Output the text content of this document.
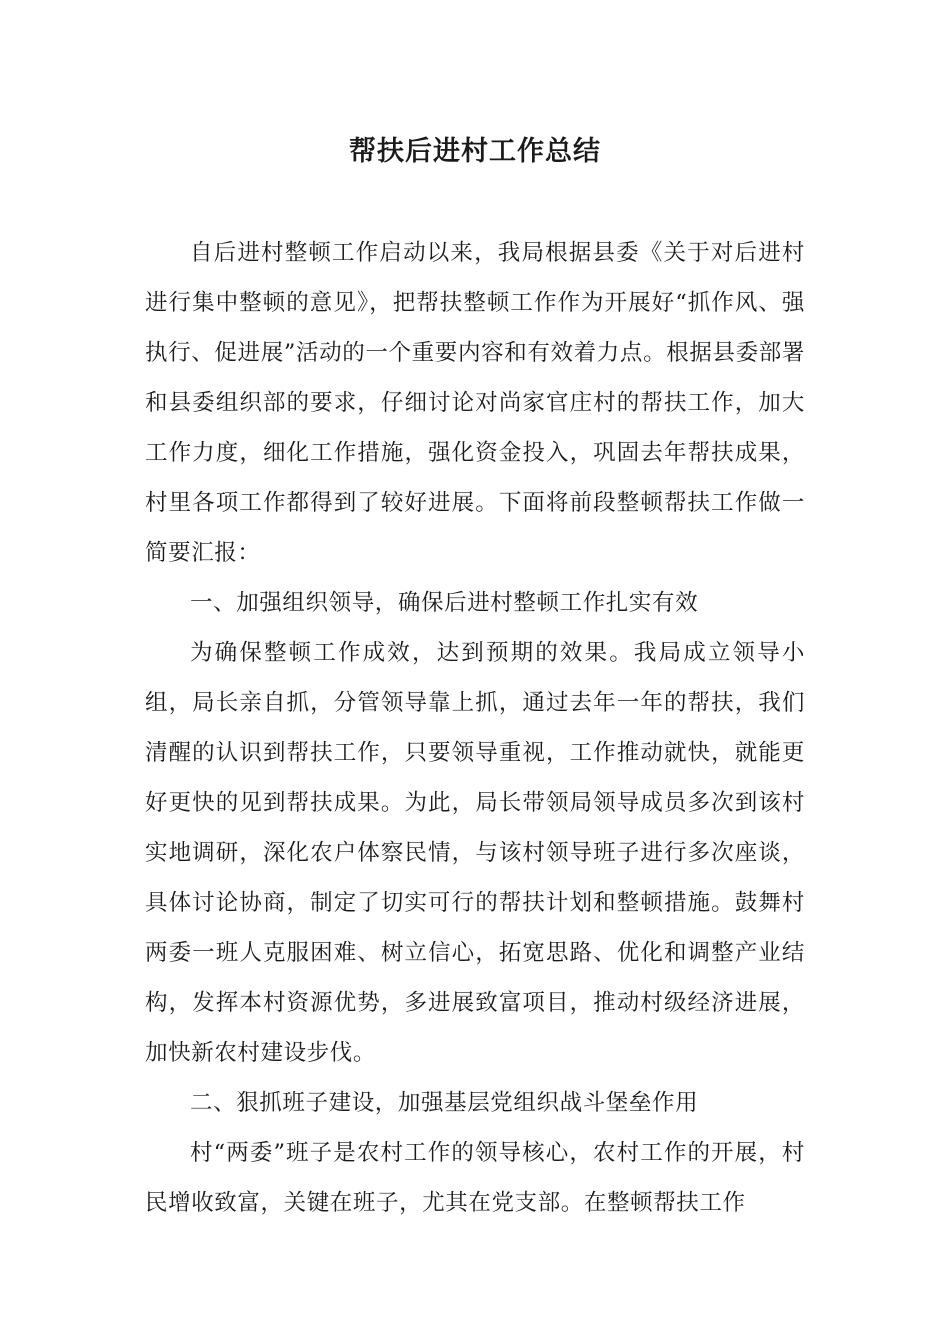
帮扶后进村工作总结

自后进村整顿工作启动以来，我局根据县委《关于对后进村进行集中整顿的意见》，把帮扶整顿工作作为开展好“抓作风、强执行、促进展”活动的一个重要内容和有效着力点。根据县委部署和县委组织部的要求，仔细讨论对尚家官庄村的帮扶工作，加大工作力度，细化工作措施，强化资金投入，巩固去年帮扶成果，村里各项工作都得到了较好进展。下面将前段整顿帮扶工作做一简要汇报：

一、加强组织领导，确保后进村整顿工作扎实有效

为确保整顿工作成效，达到预期的效果。我局成立领导小组，局长亲自抓，分管领导靠上抓，通过去年一年的帮扶，我们清醒的认识到帮扶工作，只要领导重视，工作推动就快，就能更好更快的见到帮扶成果。为此，局长带领局领导成员多次到该村实地调研，深化农户体察民情，与该村领导班子进行多次座谈，具体讨论协商，制定了切实可行的帮扶计划和整顿措施。鼓舞村两委一班人克服困难、树立信心，拓宽思路、优化和调整产业结构，发挥本村资源优势，多进展致富项目，推动村级经济进展，加快新农村建设步伐。

二、狠抓班子建设，加强基层党组织战斗堡垒作用

村“两委”班子是农村工作的领导核心，农村工作的开展，村民增收致富，关键在班子，尤其在党支部。在整顿帮扶工作
